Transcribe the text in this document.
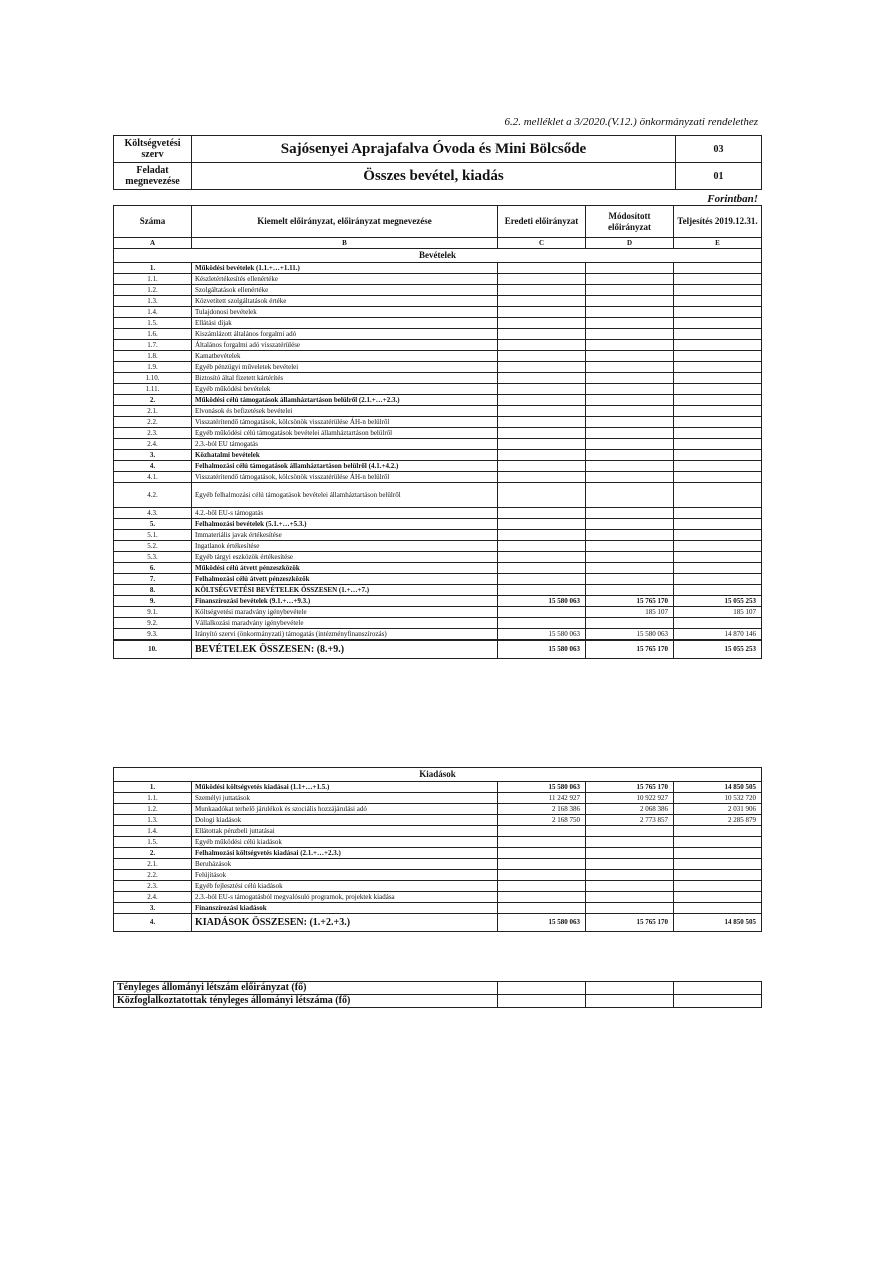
6.2. melléklet a 3/2020.(V.12.) önkormányzati rendelethez
Költségvetési szerv	Sajósenyei Aprajafalva Óvoda és Mini Bölcsőde	03
Feladat megnevezése	Összes bevétel, kiadás	01
Forintban!
Száma	Kiemelt előirányzat, előirányzat megnevezése	Eredeti előirányzat	Módosított előirányzat	Teljesítés 2019.12.31.
A	B	C	D	E
Bevételek				
1.	Működési bevételek (1.1.+…+1.11.)			
1.1.	Készletértékesítés ellenértéke			
1.2.	Szolgáltatások ellenértéke			
1.3.	Közvetített szolgáltatások értéke			
1.4.	Tulajdonosi bevételek			
1.5.	Ellátási díjak			
1.6.	Kiszámlázott általános forgalmi adó			
1.7.	Általános forgalmi adó visszatérülése			
1.8.	Kamatbevételek			
1.9.	Egyéb pénzügyi műveletek bevételei			
1.10.	Biztosító által fizetett kártérítés			
1.11.	Egyéb működési bevételek			
2.	Működési célú támogatások államháztartáson belülről (2.1.+…+2.3.)			
2.1.	Elvonások és befizetések bevételei			
2.2.	Visszatérítendő támogatások, kölcsönök visszatérülése ÁH-n belülről			
2.3.	Egyéb működési célú támogatások bevételei államháztartáson belülről			
2.4.	2.3.-ból EU támogatás			
3.	Közhatalmi bevételek			
4.	Felhalmozási célú támogatások államháztartáson belülről (4.1.+4.2.)			
4.1.	Visszatérítendő támogatások, kölcsönök visszatérülése ÁH-n belülről			
4.2.	Egyéb felhalmozási célú támogatások bevételei államháztartáson belülről			
4.3.	4.2.-ből EU-s támogatás			
5.	Felhalmozási bevételek (5.1.+…+5.3.)			
5.1.	Immateriális javak értékesítése			
5.2.	Ingatlanok értékesítése			
5.3.	Egyéb tárgyi eszközök értékesítése			
6.	Működési célú átvett pénzeszközök			
7.	Felhalmozási célú átvett pénzeszközök			
8.	KÖLTSÉGVETÉSI BEVÉTELEK ÖSSZESEN (1.+…+7.)			
9.	Finanszírozási bevételek (9.1.+…+9.3.)	15 580 063	15 765 170	15 055 253
9.1.	Költségvetési maradvány igénybevétele		185 107	185 107
9.2.	Vállalkozási maradvány igénybevétele			
9.3.	Irányító szervi (önkormányzati) támogatás (intézményfinanszírozás)	15 580 063	15 580 063	14 870 146
10.	BEVÉTELEK ÖSSZESEN: (8.+9.)	15 580 063	15 765 170	15 055 253
Kiadások				
1.	Működési költségvetés kiadásai (1.1+…+1.5.)	15 580 063	15 765 170	14 850 505
1.1.	Személyi juttatások	11 242 927	10 922 927	10 532 720
1.2.	Munkaadókat terhelő járulékok és szociális hozzájárulási adó	2 168 386	2 068 386	2 031 906
1.3.	Dologi kiadások	2 168 750	2 773 857	2 285 879
1.4.	Ellátottak pénzbeli juttatásai			
1.5.	Egyéb működési célú kiadások			
2.	Felhalmozási költségvetés kiadásai (2.1.+…+2.3.)			
2.1.	Beruházások			
2.2.	Felújítások			
2.3.	Egyéb fejlesztési célú kiadások			
2.4.	2.3.-ból EU-s támogatásból megvalósuló programok, projektek kiadása			
3.	Finanszírozási kiadások			
4.	KIADÁSOK ÖSSZESEN: (1.+2.+3.)	15 580 063	15 765 170	14 850 505
Tényleges állományi létszám előirányzat (fő)			
Közfoglalkoztatottak tényleges állományi létszáma (fő)			
